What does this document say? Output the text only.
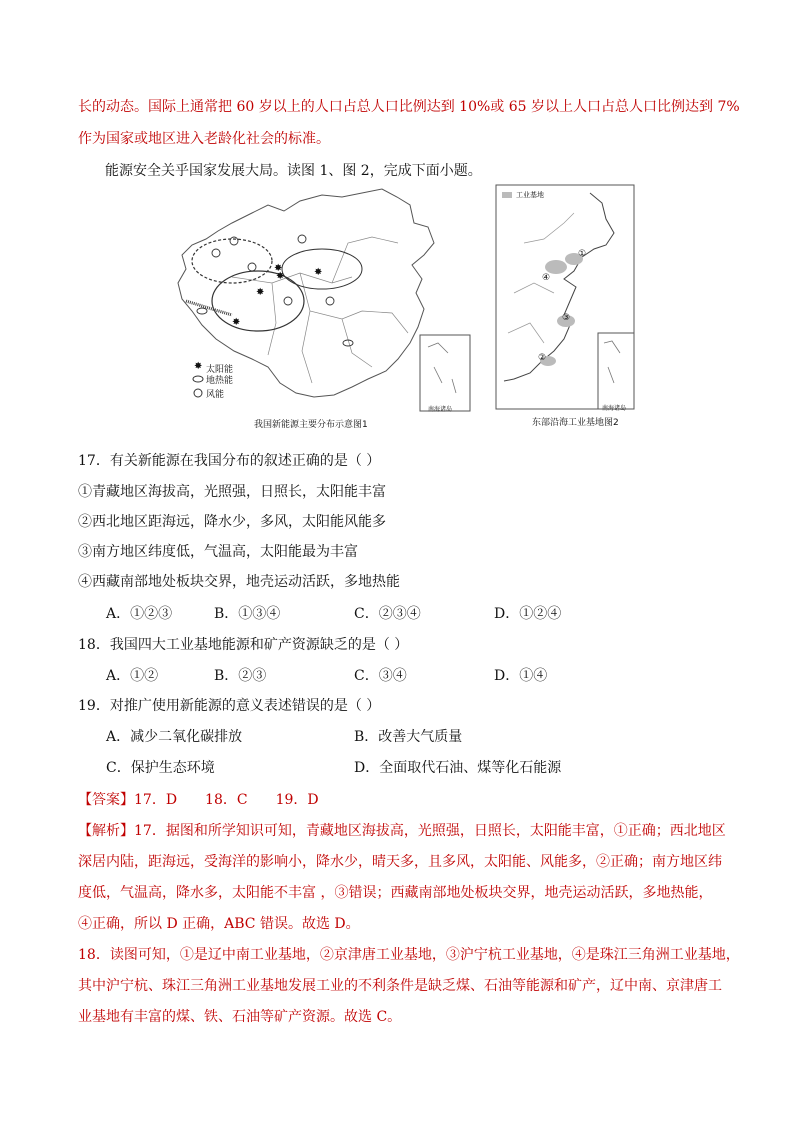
长的动态。国际上通常把 60 岁以上的人口占总人口比例达到 10%或 65 岁以上人口占总人口比例达到 7%
作为国家或地区进入老龄化社会的标准。
能源安全关乎国家发展大局。读图 1、图 2，完成下面小题。
✸
✸
✸
✸
✸
✸ 太阳能
地热能
风能
南海诸岛
我国新能源主要分布示意图1
工业基地
①
④
③
②
南海诸岛
东部沿海工业基地图2
17．有关新能源在我国分布的叙述正确的是（ ）
①青藏地区海拔高，光照强，日照长，太阳能丰富
②西北地区距海远，降水少，多风，太阳能风能多
③南方地区纬度低，气温高，太阳能最为丰富
④西藏南部地处板块交界，地壳运动活跃，多地热能
A．①②③	B．①③④	C．②③④	D．①②④
18．我国四大工业基地能源和矿产资源缺乏的是（ ）
A．①②	B．②③	C．③④	D．①④
19．对推广使用新能源的意义表述错误的是（ ）
A．减少二氧化碳排放	B．改善大气质量
C．保护生态环境	D．全面取代石油、煤等化石能源
【答案】17．D　　18．C　　19．D
【解析】17．据图和所学知识可知，青藏地区海拔高，光照强，日照长，太阳能丰富，①正确；西北地区
深居内陆，距海远，受海洋的影响小，降水少，晴天多，且多风，太阳能、风能多，②正确；南方地区纬
度低，气温高，降水多，太阳能不丰富 ，③错误；西藏南部地处板块交界，地壳运动活跃，多地热能，
④正确，所以 D 正确，ABC 错误。故选 D。
18．读图可知，①是辽中南工业基地，②京津唐工业基地，③沪宁杭工业基地，④是珠江三角洲工业基地，
其中沪宁杭、珠江三角洲工业基地发展工业的不利条件是缺乏煤、石油等能源和矿产，辽中南、京津唐工
业基地有丰富的煤、铁、石油等矿产资源。故选 C。
